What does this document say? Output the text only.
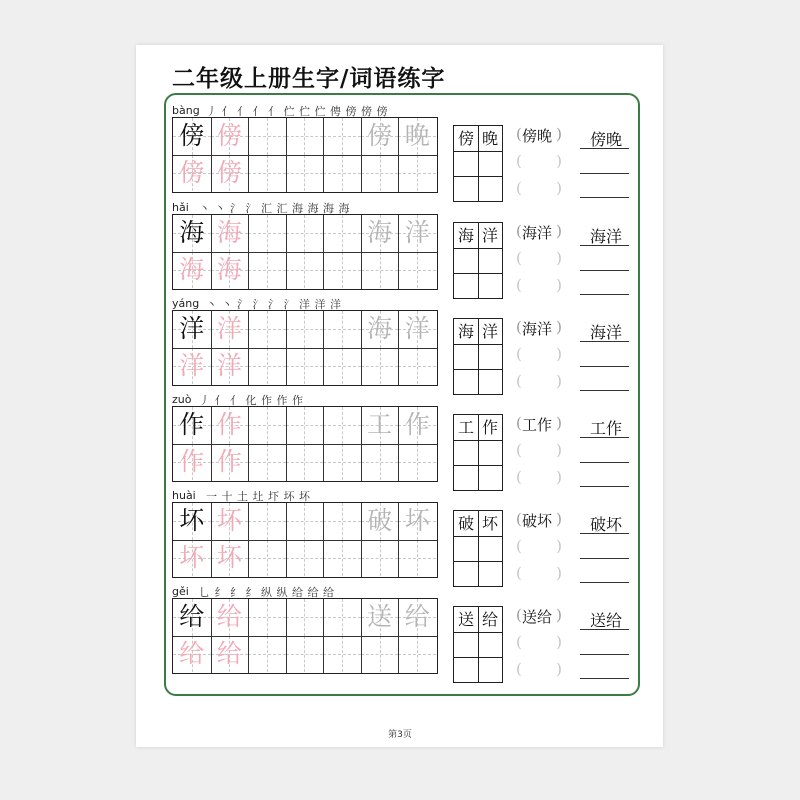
二年级上册生字/词语练字
bàng 丿 亻 亻 亻 亻 伫 伫 伫 俜 傍 傍 傍
傍 傍
傍 傍
傍 晚	傍 晚 ( )
傍晚
( )
( )
傍晚
hǎi 丶 丶 氵 氵 汇 汇 海 海 海 海
海 海
海 海
海 洋	海 洋 ( )
海洋
( )
( )
海洋
yáng 丶 丶 氵 氵 氵 氵 洋 洋 洋
洋 洋
洋 洋
海 洋	海 洋 ( )
海洋
( )
( )
海洋
zuò 丿 亻 亻 化 作 作 作
作 作
作 作
工 作	工 作 ( )
工作
( )
( )
工作
huài 一 十 土 圵 圷 坏 坏
坏 坏
坏 坏
破 坏	破 坏 ( )
破坏
( )
( )
破坏
gěi 乚 纟 纟 纟 纵 纵 给 给 给
给 给
给 给
送 给	送 给 ( )
送给
( )
( )
送给
第3页
